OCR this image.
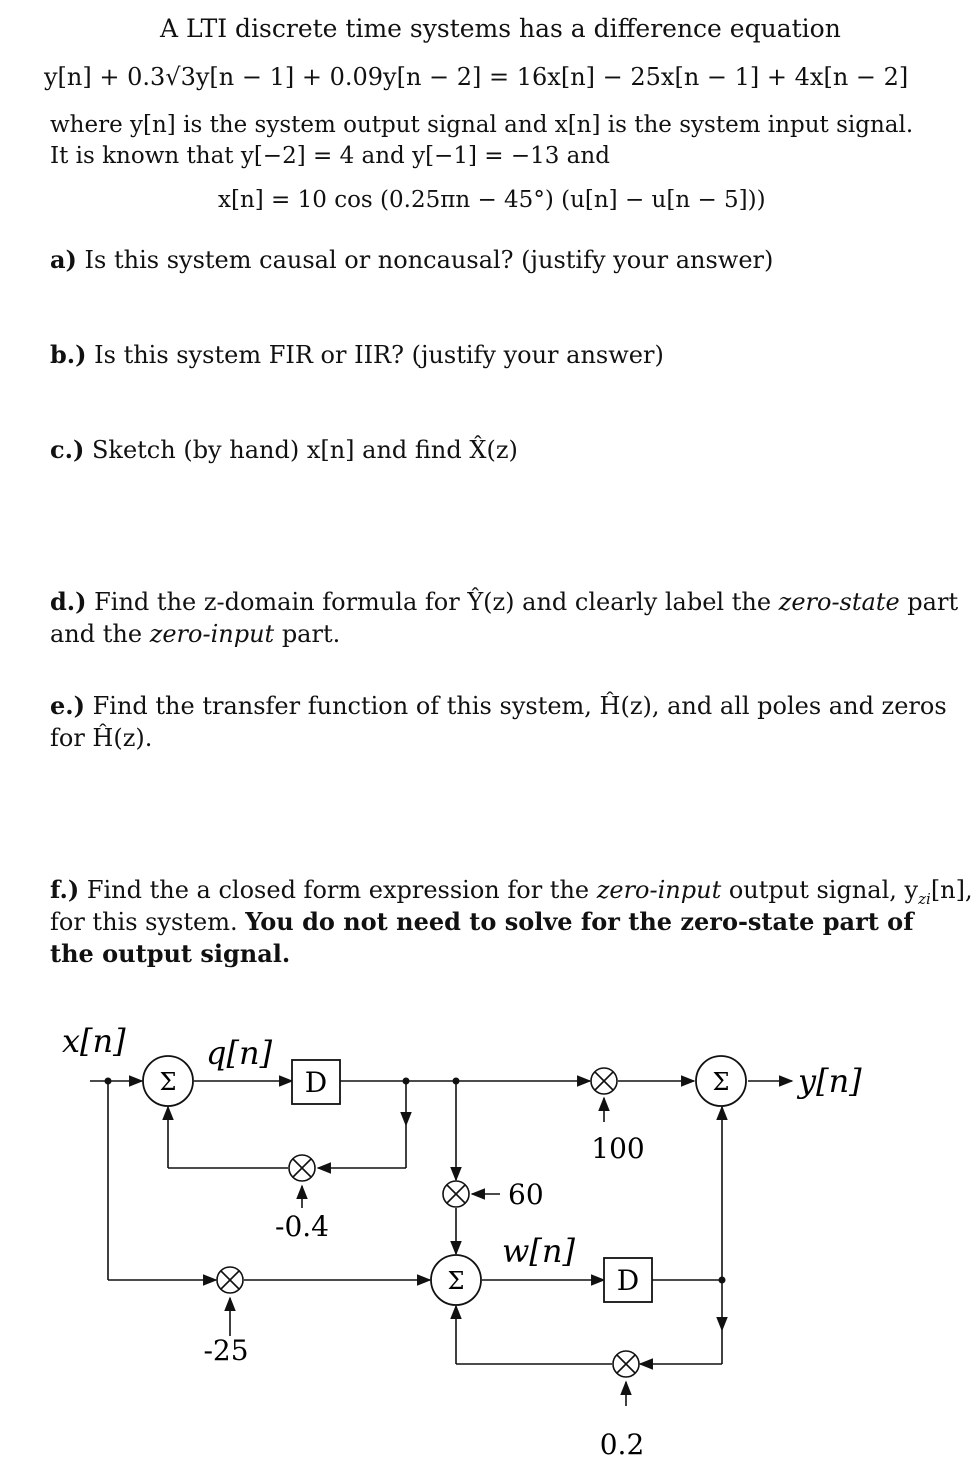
A LTI discrete time systems has a difference equation
y[n] + 0.3√3y[n − 1] + 0.09y[n − 2] = 16x[n] − 25x[n − 1] + 4x[n − 2]
where y[n] is the system output signal and x[n] is the system input signal.
It is known that y[−2] = 4 and y[−1] = −13 and
x[n] = 10 cos (0.25πn − 45°) (u[n] − u[n − 5]))
a) Is this system causal or noncausal? (justify your answer)
b.) Is this system FIR or IIR? (justify your answer)
c.) Sketch (by hand) x[n] and find X̂(z)
d.) Find the z-domain formula for Ŷ(z) and clearly label the zero-state part
and the zero-input part.
e.) Find the transfer function of this system, Ĥ(z), and all poles and zeros
for Ĥ(z).
f.) Find the a closed form expression for the zero-input output signal, $y_{zi}[n]$,
for this system. You do not need to solve for the zero-state part of
the output signal.
Σ
Σ
Σ
D
D
x[n]	q[n]
w[n]
y[n]
-0.4
60
-25
100
0.2
